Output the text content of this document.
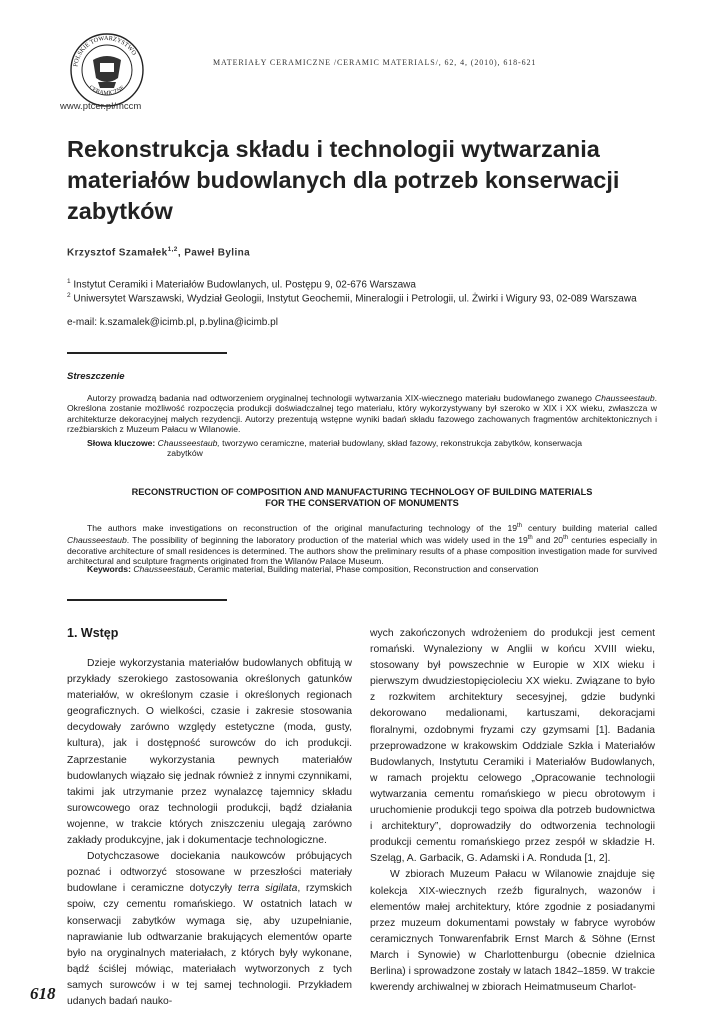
POLSKIE TOWARZYSTWO
CERAMICZNE
www.ptcer.pl/mccm
MATERIAŁY CERAMICZNE /CERAMIC MATERIALS/, 62, 4, (2010), 618-621
Rekonstrukcja składu i technologii wytwarzania materiałów budowlanych dla potrzeb konserwacji zabytków
Krzysztof Szamałek$^{1,2}$, Paweł Bylina
$^1$ Instytut Ceramiki i Materiałów Budowlanych, ul. Postępu 9, 02-676 Warszawa
$^2$ Uniwersytet Warszawski, Wydział Geologii, Instytut Geochemii, Mineralogii i Petrologii, ul. Żwirki i Wigury 93, 02-089 Warszawa
e-mail: k.szamalek@icimb.pl, p.bylina@icimb.pl
Streszczenie
Autorzy prowadzą badania nad odtworzeniem oryginalnej technologii wytwarzania XIX-wiecznego materiału budowlanego zwanego Chausseestaub. Określona zostanie możliwość rozpoczęcia produkcji doświadczalnej tego materiału, który wykorzystywany był szeroko w XIX i XX wieku, zwłaszcza w architekturze dekoracyjnej małych rezydencji. Autorzy prezentują wstępne wyniki badań składu fazowego zachowanych fragmentów architektonicznych i rzeźbiarskich z Muzeum Pałacu w Wilanowie.
Słowa kluczowe: Chausseestaub, tworzywo ceramiczne, materiał budowlany, skład fazowy, rekonstrukcja zabytków, konserwacja
zabytków
RECONSTRUCTION OF COMPOSITION AND MANUFACTURING TECHNOLOGY OF BUILDING MATERIALS
FOR THE CONSERVATION OF MONUMENTS
The authors make investigations on reconstruction of the original manufacturing technology of the 19th century building material called Chausseestaub. The possibility of beginning the laboratory production of the material which was widely used in the 19th and 20th centuries especially in decorative architecture of small residences is determined. The authors show the preliminary results of a phase composition investigation made for survived architectural and sculpture fragments originated from the Wilanów Palace Museum.
Keywords: Chausseestaub, Ceramic material, Building material, Phase composition, Reconstruction and conservation
1. Wstęp

Dzieje wykorzystania materiałów budowlanych obfitują w przykłady szerokiego zastosowania określonych gatunków materiałów, w określonym czasie i określonych regionach geograficznych. O wielkości, czasie i zakresie stosowania decydowały zarówno względy estetyczne (moda, gusty, kultura), jak i dostępność surowców do ich produkcji. Zaprzestanie wykorzystania pewnych materiałów budowlanych wiązało się jednak również z innymi czynnikami, takimi jak utrzymanie przez wynalazcę tajemnicy składu surowcowego oraz technologii produkcji, bądź działania wojenne, w trakcie których zniszczeniu ulegają zarówno zakłady produkcyjne, jak i dokumentacje technologiczne.

Dotychczasowe dociekania naukowców próbujących poznać i odtworzyć stosowane w przeszłości materiały budowlane i ceramiczne dotyczyły terra sigilata, rzymskich spoiw, czy cementu romańskiego. W ostatnich latach w konserwacji zabytków wymaga się, aby uzupełnianie, naprawianie lub odtwarzanie brakujących elementów oparte było na oryginalnych materiałach, z których były wykonane, bądź ściślej mówiąc, materiałach wytworzonych z tych samych surowców i w tej samej technologii. Przykładem udanych badań nauko-

wych zakończonych wdrożeniem do produkcji jest cement romański. Wynaleziony w Anglii w końcu XVIII wieku, stosowany był powszechnie w Europie w XIX wieku i pierwszym dwudziestopięcioleciu XX wieku. Związane to było z rozkwitem architektury secesyjnej, gdzie budynki dekorowano medalionami, kartuszami, dekoracjami floralnymi, ozdobnymi fryzami czy gzymsami [1]. Badania przeprowadzone w krakowskim Oddziale Szkła i Materiałów Budowlanych, Instytutu Ceramiki i Materiałów Budowlanych, w ramach projektu celowego „Opracowanie technologii wytwarzania cementu romańskiego w piecu obrotowym i uruchomienie produkcji tego spoiwa dla potrzeb budownictwa i architektury”, doprowadziły do odtworzenia technologii produkcji cementu romańskiego przez zespół w składzie H. Szeląg, A. Garbacik, G. Adamski i A. Ronduda [1, 2].

W zbiorach Muzeum Pałacu w Wilanowie znajduje się kolekcja XIX-wiecznych rzeźb figuralnych, wazonów i elementów małej architektury, które zgodnie z posiadanymi przez muzeum dokumentami powstały w fabryce wyrobów ceramicznych Tonwarenfabrik Ernst March & Söhne (Ernst March i Synowie) w Charlottenburgu (obecnie dzielnica Berlina) i sprowadzone zostały w latach 1842–1859. W trakcie kwerendy archiwalnej w zbiorach Heimatmuseum Charlot-

618
